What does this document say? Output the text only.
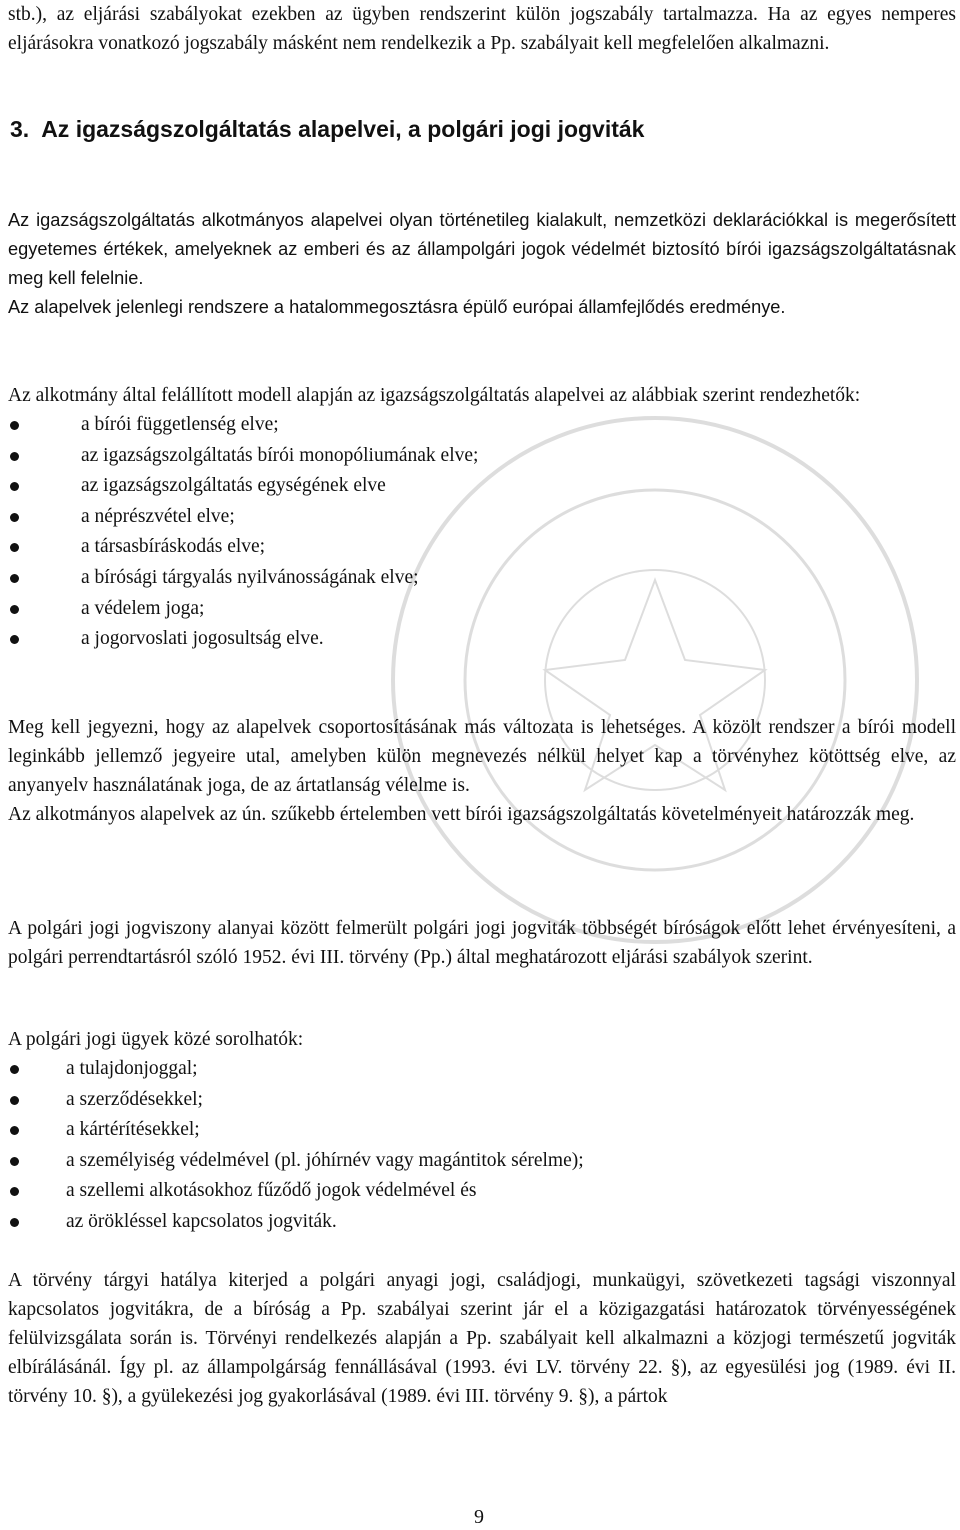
stb.), az eljárási szabályokat ezekben az ügyben rendszerint külön jogszabály tartalmazza. Ha az egyes nemperes eljárásokra vonatkozó jogszabály másként nem rendelkezik a Pp. szabályait kell megfelelően alkalmazni.

3. Az igazságszolgáltatás alapelvei, a polgári jogi jogviták

Az igazságszolgáltatás alkotmányos alapelvei olyan történetileg kialakult, nemzetközi deklarációkkal is megerősített egyetemes értékek, amelyeknek az emberi és az állampolgári jogok védelmét biztosító bírói igazságszolgáltatásnak meg kell felelnie.

Az alapelvek jelenlegi rendszere a hatalommegosztásra épülő európai államfejlődés eredménye.

Az alkotmány által felállított modell alapján az igazságszolgáltatás alapelvei az alábbiak szerint rendezhetők:

a bírói függetlenség elve;
az igazságszolgáltatás bírói monopóliumának elve;
az igazságszolgáltatás egységének elve
a néprészvétel elve;
a társasbíráskodás elve;
a bírósági tárgyalás nyilvánosságának elve;
a védelem joga;
a jogorvoslati jogosultság elve.

Meg kell jegyezni, hogy az alapelvek csoportosításának más változata is lehetséges. A közölt rendszer a bírói modell leginkább jellemző jegyeire utal, amelyben külön megnevezés nélkül helyet kap a törvényhez kötöttség elve, az anyanyelv használatának joga, de az ártatlanság vélelme is.

Az alkotmányos alapelvek az ún. szűkebb értelemben vett bírói igazságszolgáltatás követelményeit határozzák meg.

A polgári jogi jogviszony alanyai között felmerült polgári jogi jogviták többségét bíróságok előtt lehet érvényesíteni, a polgári perrendtartásról szóló 1952. évi III. törvény (Pp.) által meghatározott eljárási szabályok szerint.

A polgári jogi ügyek közé sorolhatók:

a tulajdonjoggal;
a szerződésekkel;
a kártérítésekkel;
a személyiség védelmével (pl. jóhírnév vagy magántitok sérelme);
a szellemi alkotásokhoz fűződő jogok védelmével és
az örökléssel kapcsolatos jogviták.

A törvény tárgyi hatálya kiterjed a polgári anyagi jogi, családjogi, munkaügyi, szövetkezeti tagsági viszonnyal kapcsolatos jogvitákra, de a bíróság a Pp. szabályai szerint jár el a közigazgatási határozatok törvényességének felülvizsgálata során is. Törvényi rendelkezés alapján a Pp. szabályait kell alkalmazni a közjogi természetű jogviták elbírálásánál. Így pl. az állampolgárság fennállásával (1993. évi LV. törvény 22. §), az egyesülési jog (1989. évi II. törvény 10. §), a gyülekezési jog gyakorlásával (1989. évi III. törvény 9. §), a pártok

9
